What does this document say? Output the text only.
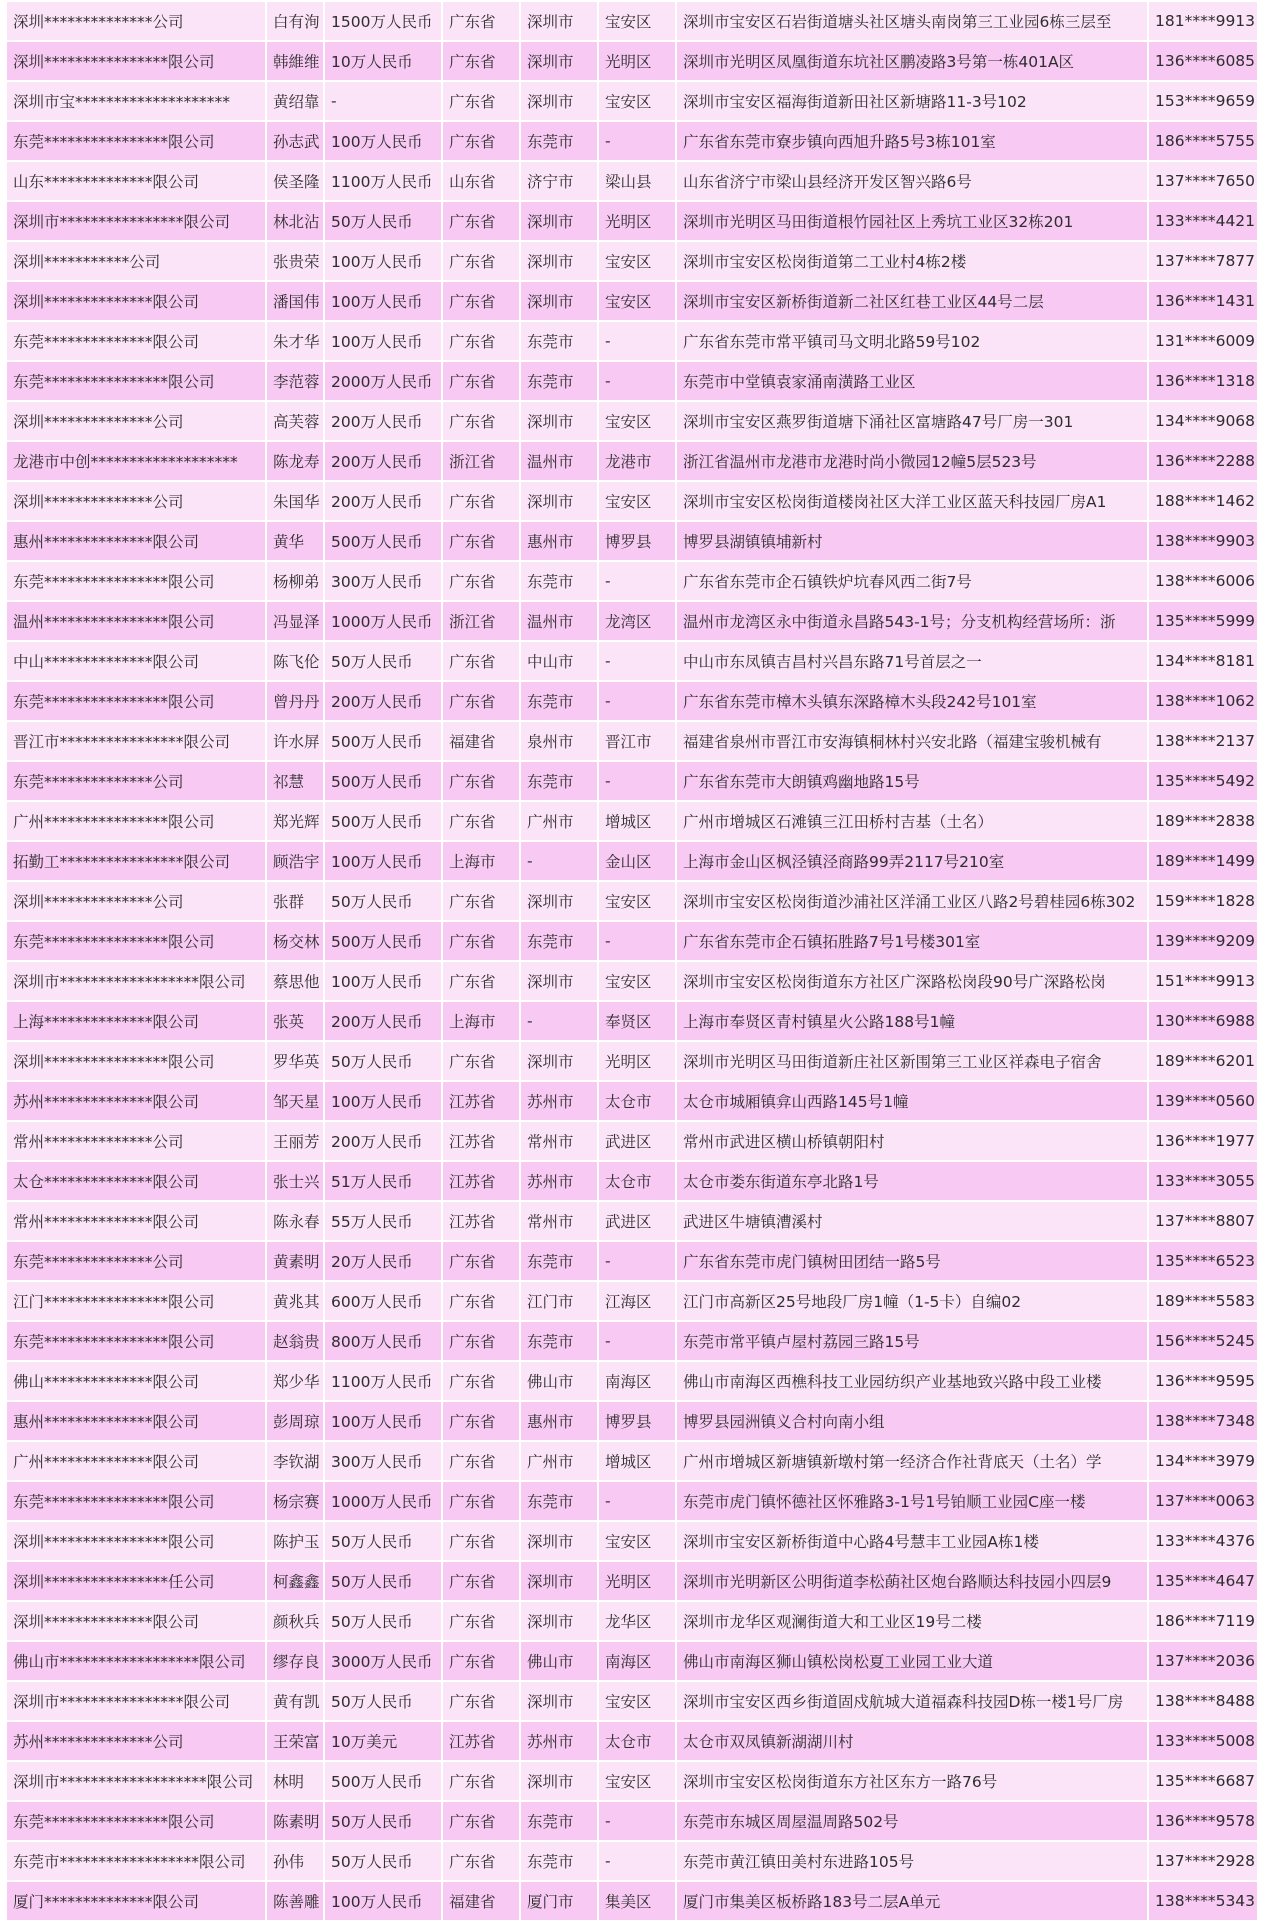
深圳**************公司	白有洵	1500万人民币	广东省	深圳市	宝安区	深圳市宝安区石岩街道塘头社区塘头南岗第三工业园6栋三层至	181****9913
深圳****************限公司	韩維维	10万人民币	广东省	深圳市	光明区	深圳市光明区凤凰街道东坑社区鹏凌路3号第一栋401A区	136****6085
深圳市宝********************	黄绍靠	-	广东省	深圳市	宝安区	深圳市宝安区福海街道新田社区新塘路11-3号102	153****9659
东莞****************限公司	孙志武	100万人民币	广东省	东莞市	-	广东省东莞市寮步镇向西旭升路5号3栋101室	186****5755
山东**************限公司	侯圣隆	1100万人民币	山东省	济宁市	梁山县	山东省济宁市梁山县经济开发区智兴路6号	137****7650
深圳市****************限公司	林北沾	50万人民币	广东省	深圳市	光明区	深圳市光明区马田街道根竹园社区上秀坑工业区32栋201	133****4421
深圳***********公司	张贵荣	100万人民币	广东省	深圳市	宝安区	深圳市宝安区松岗街道第二工业村4栋2楼	137****7877
深圳**************限公司	潘国伟	100万人民币	广东省	深圳市	宝安区	深圳市宝安区新桥街道新二社区红巷工业区44号二层	136****1431
东莞**************限公司	朱才华	100万人民币	广东省	东莞市	-	广东省东莞市常平镇司马文明北路59号102	131****6009
东莞****************限公司	李范蓉	2000万人民币	广东省	东莞市	-	东莞市中堂镇袁家涌南潢路工业区	136****1318
深圳**************公司	高芙蓉	200万人民币	广东省	深圳市	宝安区	深圳市宝安区燕罗街道塘下涌社区富塘路47号厂房一301	134****9068
龙港市中创*******************	陈龙寿	200万人民币	浙江省	温州市	龙港市	浙江省温州市龙港市龙港时尚小微园12幢5层523号	136****2288
深圳**************公司	朱国华	200万人民币	广东省	深圳市	宝安区	深圳市宝安区松岗街道楼岗社区大洋工业区蓝天科技园厂房A1	188****1462
惠州**************限公司	黄华	500万人民币	广东省	惠州市	博罗县	博罗县湖镇镇埔新村	138****9903
东莞****************限公司	杨柳弟	300万人民币	广东省	东莞市	-	广东省东莞市企石镇铁炉坑春风西二街7号	138****6006
温州****************限公司	冯显泽	1000万人民币	浙江省	温州市	龙湾区	温州市龙湾区永中街道永昌路543-1号；分支机构经营场所：浙	135****5999
中山**************限公司	陈飞伦	50万人民币	广东省	中山市	-	中山市东凤镇吉昌村兴昌东路71号首层之一	134****8181
东莞****************限公司	曾丹丹	200万人民币	广东省	东莞市	-	广东省东莞市樟木头镇东深路樟木头段242号101室	138****1062
晋江市****************限公司	许水屏	500万人民币	福建省	泉州市	晋江市	福建省泉州市晋江市安海镇桐林村兴安北路（福建宝骏机械有	138****2137
东莞**************公司	祁慧	500万人民币	广东省	东莞市	-	广东省东莞市大朗镇鸡幽地路15号	135****5492
广州****************限公司	郑光辉	500万人民币	广东省	广州市	增城区	广州市增城区石滩镇三江田桥村吉基（土名）	189****2838
拓勤工****************限公司	顾浩宇	100万人民币	上海市	-	金山区	上海市金山区枫泾镇泾商路99弄2117号210室	189****1499
深圳**************公司	张群	50万人民币	广东省	深圳市	宝安区	深圳市宝安区松岗街道沙浦社区洋涌工业区八路2号碧桂园6栋302	159****1828
东莞****************限公司	杨交林	500万人民币	广东省	东莞市	-	广东省东莞市企石镇拓胜路7号1号楼301室	139****9209
深圳市******************限公司	蔡思他	100万人民币	广东省	深圳市	宝安区	深圳市宝安区松岗街道东方社区广深路松岗段90号广深路松岗	151****9913
上海**************限公司	张英	200万人民币	上海市	-	奉贤区	上海市奉贤区青村镇星火公路188号1幢	130****6988
深圳****************限公司	罗华英	50万人民币	广东省	深圳市	光明区	深圳市光明区马田街道新庄社区新围第三工业区祥森电子宿舍	189****6201
苏州**************限公司	邹天星	100万人民币	江苏省	苏州市	太仓市	太仓市城厢镇弇山西路145号1幢	139****0560
常州**************公司	王丽芳	200万人民币	江苏省	常州市	武进区	常州市武进区横山桥镇朝阳村	136****1977
太仓**************限公司	张士兴	51万人民币	江苏省	苏州市	太仓市	太仓市娄东街道东亭北路1号	133****3055
常州**************限公司	陈永春	55万人民币	江苏省	常州市	武进区	武进区牛塘镇漕溪村	137****8807
东莞**************公司	黄素明	20万人民币	广东省	东莞市	-	广东省东莞市虎门镇树田团结一路5号	135****6523
江门****************限公司	黄兆其	600万人民币	广东省	江门市	江海区	江门市高新区25号地段厂房1幢（1-5卡）自编02	189****5583
东莞****************限公司	赵翁贵	800万人民币	广东省	东莞市	-	东莞市常平镇卢屋村荔园三路15号	156****5245
佛山**************限公司	郑少华	1100万人民币	广东省	佛山市	南海区	佛山市南海区西樵科技工业园纺织产业基地致兴路中段工业楼	136****9595
惠州**************限公司	彭周琼	100万人民币	广东省	惠州市	博罗县	博罗县园洲镇义合村向南小组	138****7348
广州**************限公司	李钦湖	300万人民币	广东省	广州市	增城区	广州市增城区新塘镇新墩村第一经济合作社背底天（土名）学	134****3979
东莞****************限公司	杨宗赛	1000万人民币	广东省	东莞市	-	东莞市虎门镇怀德社区怀雅路3-1号1号铂顺工业园C座一楼	137****0063
深圳****************限公司	陈护玉	50万人民币	广东省	深圳市	宝安区	深圳市宝安区新桥街道中心路4号慧丰工业园A栋1楼	133****4376
深圳****************任公司	柯鑫鑫	50万人民币	广东省	深圳市	光明区	深圳市光明新区公明街道李松蓢社区炮台路顺达科技园小四层9	135****4647
深圳**************限公司	颜秋兵	50万人民币	广东省	深圳市	龙华区	深圳市龙华区观澜街道大和工业区19号二楼	186****7119
佛山市******************限公司	缪存良	3000万人民币	广东省	佛山市	南海区	佛山市南海区狮山镇松岗松夏工业园工业大道	137****2036
深圳市****************限公司	黄有凯	50万人民币	广东省	深圳市	宝安区	深圳市宝安区西乡街道固戍航城大道福森科技园D栋一楼1号厂房	138****8488
苏州**************公司	王荣富	10万美元	江苏省	苏州市	太仓市	太仓市双凤镇新湖湖川村	133****5008
深圳市*******************限公司	林明	500万人民币	广东省	深圳市	宝安区	深圳市宝安区松岗街道东方社区东方一路76号	135****6687
东莞****************限公司	陈素明	50万人民币	广东省	东莞市	-	东莞市东城区周屋温周路502号	136****9578
东莞市******************限公司	孙伟	50万人民币	广东省	东莞市	-	东莞市黄江镇田美村东进路105号	137****2928
厦门**************限公司	陈善雕	100万人民币	福建省	厦门市	集美区	厦门市集美区板桥路183号二层A单元	138****5343
